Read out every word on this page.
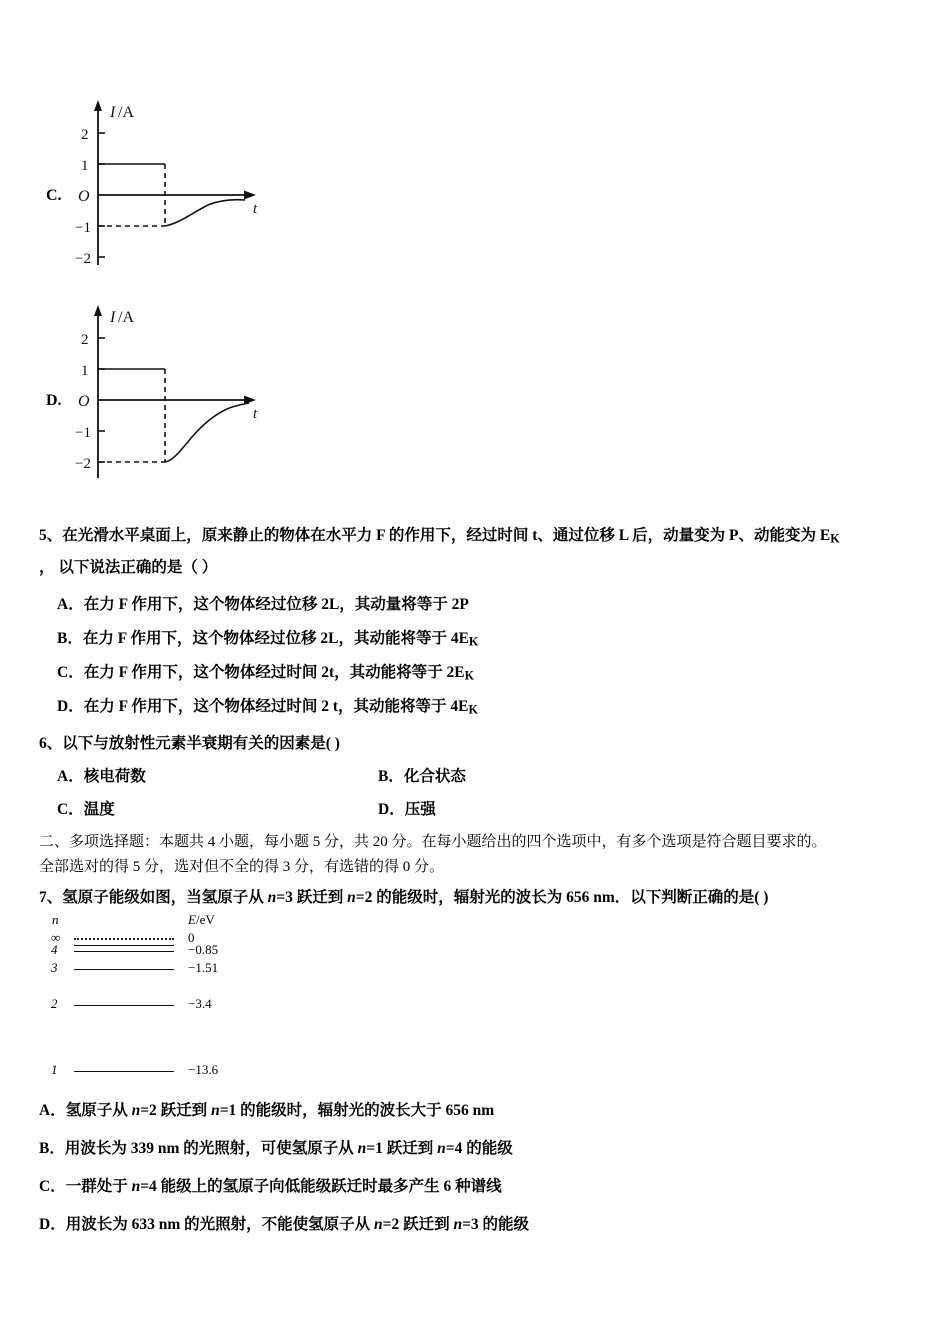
C.
I /A
2
1
−1
−2
O
t
D.
I /A
2
1
−1
−2
O
t
5、在光滑水平桌面上，原来静止的物体在水平力 F 的作用下，经过时间 t、通过位移 L 后，动量变为 P、动能变为 EK
， 以下说法正确的是（ ）
A．在力 F 作用下，这个物体经过位移 2L，其动量将等于 2P
B．在力 F 作用下，这个物体经过位移 2L，其动能将等于 4EK
C．在力 F 作用下，这个物体经过时间 2t，其动能将等于 2EK
D．在力 F 作用下，这个物体经过时间 2 t，其动能将等于 4EK
6、以下与放射性元素半衰期有关的因素是( )
A．核电荷数	B．化合状态
C．温度	D．压强
二、多项选择题：本题共 4 小题，每小题 5 分，共 20 分。在每小题给出的四个选项中，有多个选项是符合题目要求的。
全部选对的得 5 分，选对但不全的得 3 分，有选错的得 0 分。
7、氢原子能级如图，当氢原子从 n=3 跃迁到 n=2 的能级时，辐射光的波长为 656 nm．以下判断正确的是( )
n	E/eV
∞	0
4	−0.85
3	−1.51
2	−3.4
1	−13.6
A．氢原子从 n=2 跃迁到 n=1 的能级时，辐射光的波长大于 656 nm
B．用波长为 339 nm 的光照射，可使氢原子从 n=1 跃迁到 n=4 的能级
C．一群处于 n=4 能级上的氢原子向低能级跃迁时最多产生 6 种谱线
D．用波长为 633 nm 的光照射，不能使氢原子从 n=2 跃迁到 n=3 的能级
